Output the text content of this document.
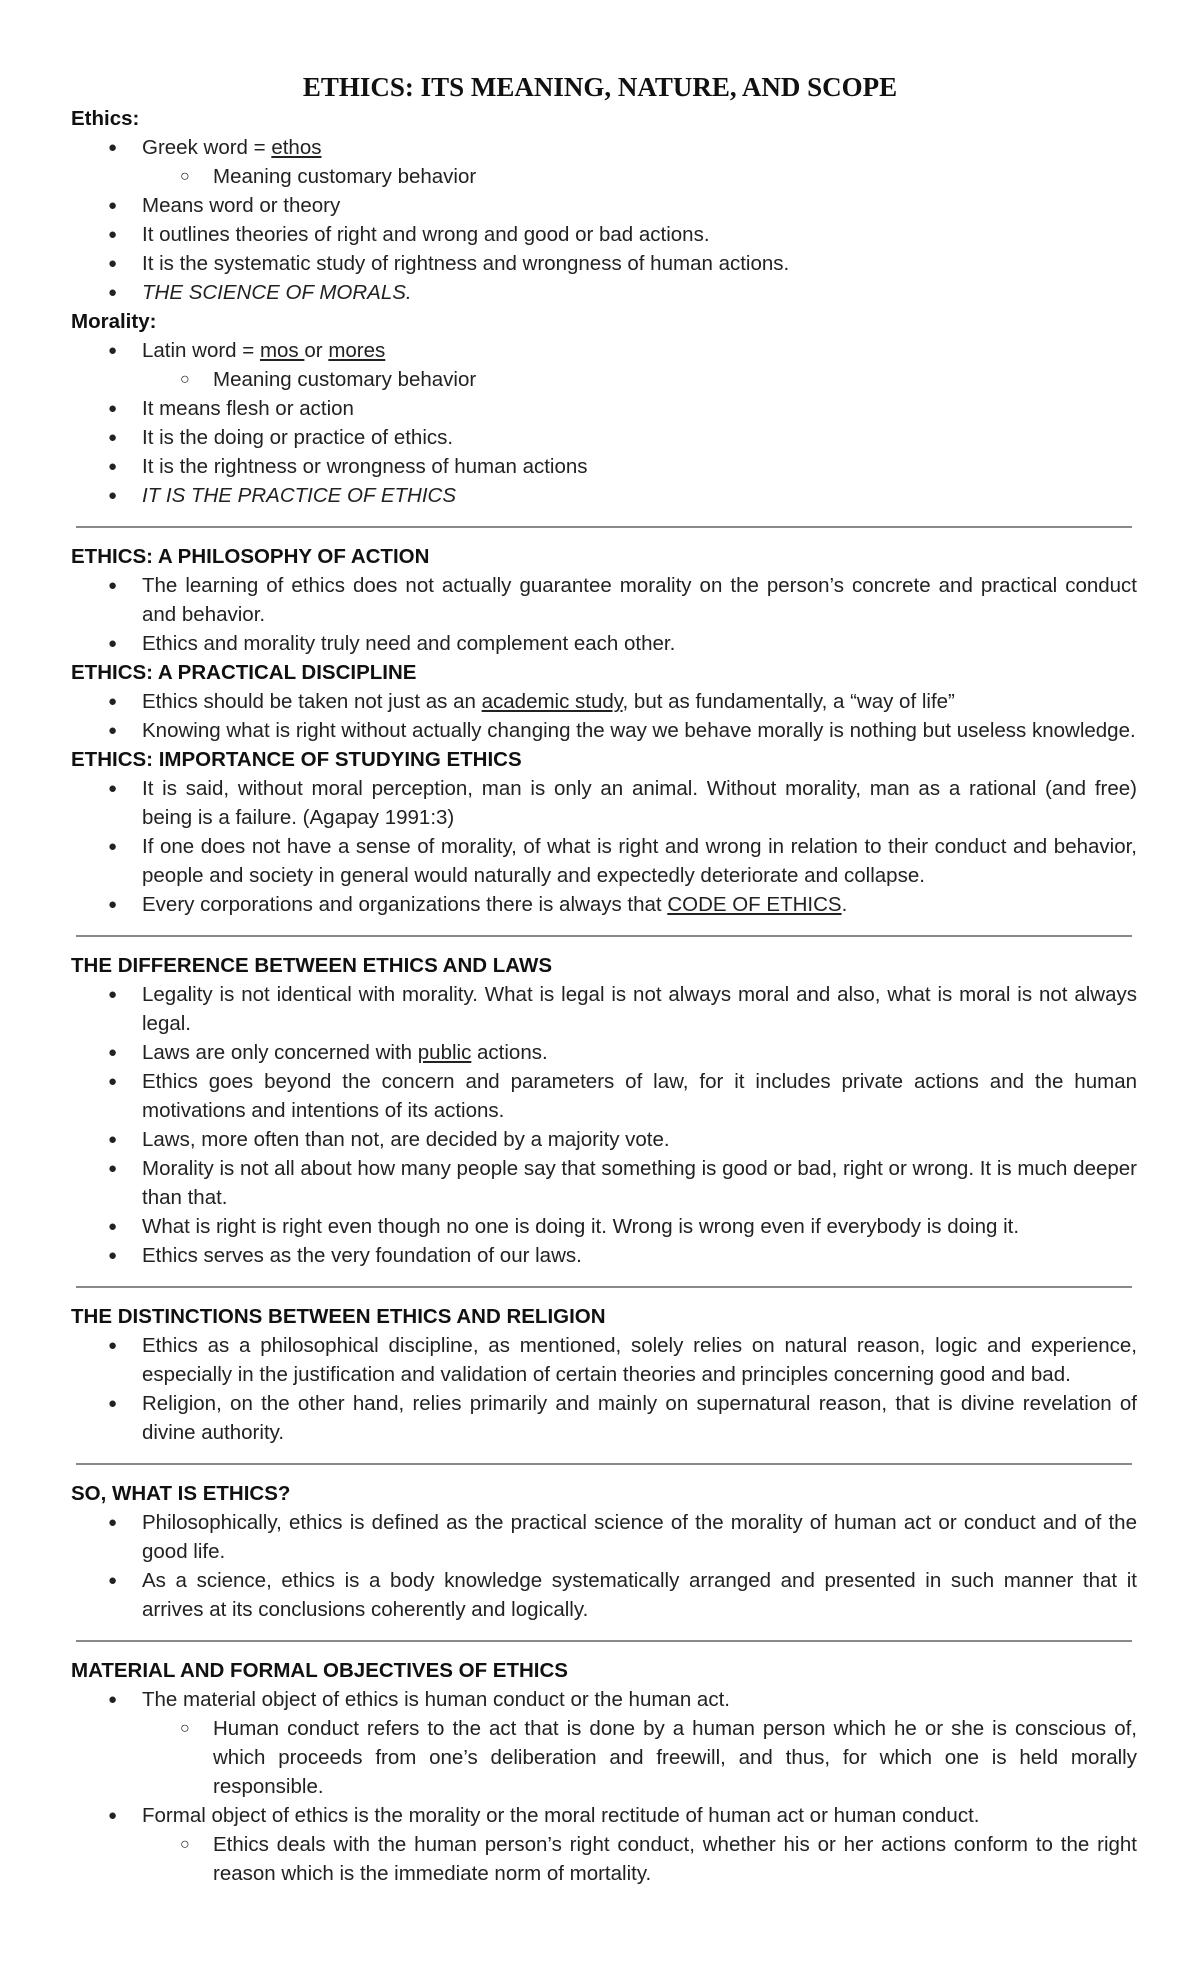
ETHICS: ITS MEANING, NATURE, AND SCOPE
Ethics:
● Greek word = ethos
○ Meaning customary behavior
● Means word or theory
● It outlines theories of right and wrong and good or bad actions.
● It is the systematic study of rightness and wrongness of human actions.
● THE SCIENCE OF MORALS.
Morality:
● Latin word = mos or mores
○ Meaning customary behavior
● It means flesh or action
● It is the doing or practice of ethics.
● It is the rightness or wrongness of human actions
● IT IS THE PRACTICE OF ETHICS
ETHICS: A PHILOSOPHY OF ACTION
● The learning of ethics does not actually guarantee morality on the person’s concrete and practical conduct and behavior.
● Ethics and morality truly need and complement each other.
ETHICS: A PRACTICAL DISCIPLINE
● Ethics should be taken not just as an academic study, but as fundamentally, a “way of life”
● Knowing what is right without actually changing the way we behave morally is nothing but useless knowledge.
ETHICS: IMPORTANCE OF STUDYING ETHICS
● It is said, without moral perception, man is only an animal. Without morality, man as a rational (and free) being is a failure. (Agapay 1991:3)
● If one does not have a sense of morality, of what is right and wrong in relation to their conduct and behavior, people and society in general would naturally and expectedly deteriorate and collapse.
● Every corporations and organizations there is always that CODE OF ETHICS.
THE DIFFERENCE BETWEEN ETHICS AND LAWS
● Legality is not identical with morality. What is legal is not always moral and also, what is moral is not always legal.
● Laws are only concerned with public actions.
● Ethics goes beyond the concern and parameters of law, for it includes private actions and the human motivations and intentions of its actions.
● Laws, more often than not, are decided by a majority vote.
● Morality is not all about how many people say that something is good or bad, right or wrong. It is much deeper than that.
● What is right is right even though no one is doing it. Wrong is wrong even if everybody is doing it.
● Ethics serves as the very foundation of our laws.
THE DISTINCTIONS BETWEEN ETHICS AND RELIGION
● Ethics as a philosophical discipline, as mentioned, solely relies on natural reason, logic and experience, especially in the justification and validation of certain theories and principles concerning good and bad.
● Religion, on the other hand, relies primarily and mainly on supernatural reason, that is divine revelation of divine authority.
SO, WHAT IS ETHICS?
● Philosophically, ethics is defined as the practical science of the morality of human act or conduct and of the good life.
● As a science, ethics is a body knowledge systematically arranged and presented in such manner that it arrives at its conclusions coherently and logically.
MATERIAL AND FORMAL OBJECTIVES OF ETHICS
● The material object of ethics is human conduct or the human act.
○ Human conduct refers to the act that is done by a human person which he or she is conscious of, which proceeds from one’s deliberation and freewill, and thus, for which one is held morally responsible.
● Formal object of ethics is the morality or the moral rectitude of human act or human conduct.
○ Ethics deals with the human person’s right conduct, whether his or her actions conform to the right reason which is the immediate norm of mortality.
